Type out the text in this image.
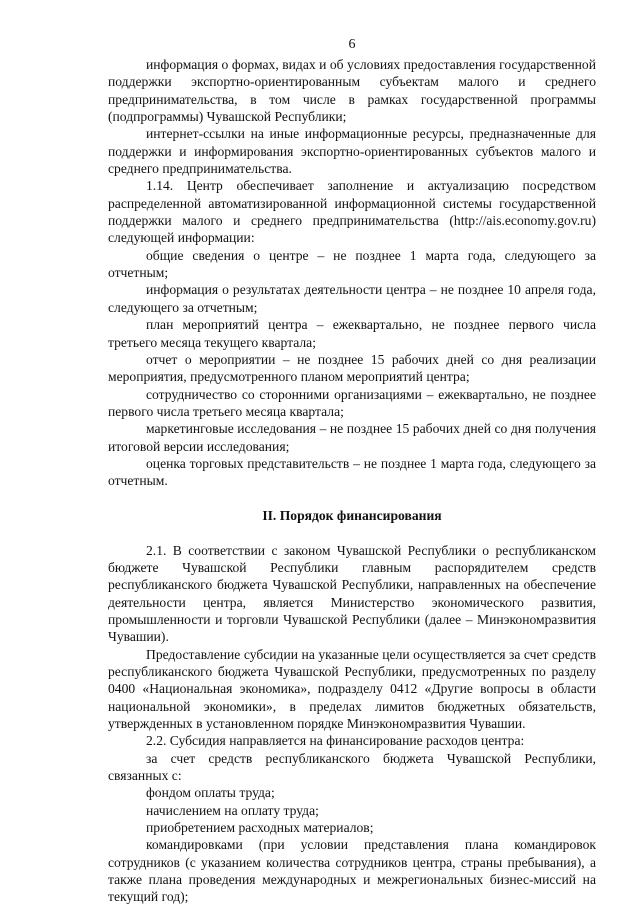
6

информация о формах, видах и об условиях предоставления государственной поддержки экспортно-ориентированным субъектам малого и среднего предпринимательства, в том числе в рамках государственной программы (подпрограммы) Чувашской Республики;

интернет-ссылки на иные информационные ресурсы, предназначенные для поддержки и информирования экспортно-ориентированных субъектов малого и среднего предпринимательства.

1.14. Центр обеспечивает заполнение и актуализацию посредством распределенной автоматизированной информационной системы государственной поддержки малого и среднего предпринимательства (http://ais.economy.gov.ru) следующей информации:

общие сведения о центре – не позднее 1 марта года, следующего за отчетным;

информация о результатах деятельности центра – не позднее 10 апреля года, следующего за отчетным;

план мероприятий центра – ежеквартально, не позднее первого числа третьего месяца текущего квартала;

отчет о мероприятии – не позднее 15 рабочих дней со дня реализации мероприятия, предусмотренного планом мероприятий центра;

сотрудничество со сторонними организациями – ежеквартально, не позднее первого числа третьего месяца квартала;

маркетинговые исследования – не позднее 15 рабочих дней со дня получения итоговой версии исследования;

оценка торговых представительств – не позднее 1 марта года, следующего за отчетным.

II. Порядок финансирования

2.1. В соответствии с законом Чувашской Республики о республиканском бюджете Чувашской Республики главным распорядителем средств республиканского бюджета Чувашской Республики, направленных на обеспечение деятельности центра, является Министерство экономического развития, промышленности и торговли Чувашской Республики (далее – Минэкономразвития Чувашии).

Предоставление субсидии на указанные цели осуществляется за счет средств республиканского бюджета Чувашской Республики, предусмотренных по разделу 0400 «Национальная экономика», подразделу 0412 «Другие вопросы в области национальной экономики», в пределах лимитов бюджетных обязательств, утвержденных в установленном порядке Минэкономразвития Чувашии.

2.2. Субсидия направляется на финансирование расходов центра:

за счет средств республиканского бюджета Чувашской Республики, связанных с:

фондом оплаты труда;

начислением на оплату труда;

приобретением расходных материалов;

командировками (при условии представления плана командировок сотрудников (с указанием количества сотрудников центра, страны пребывания), а также плана проведения международных и межрегиональных бизнес-миссий на текущий год);
